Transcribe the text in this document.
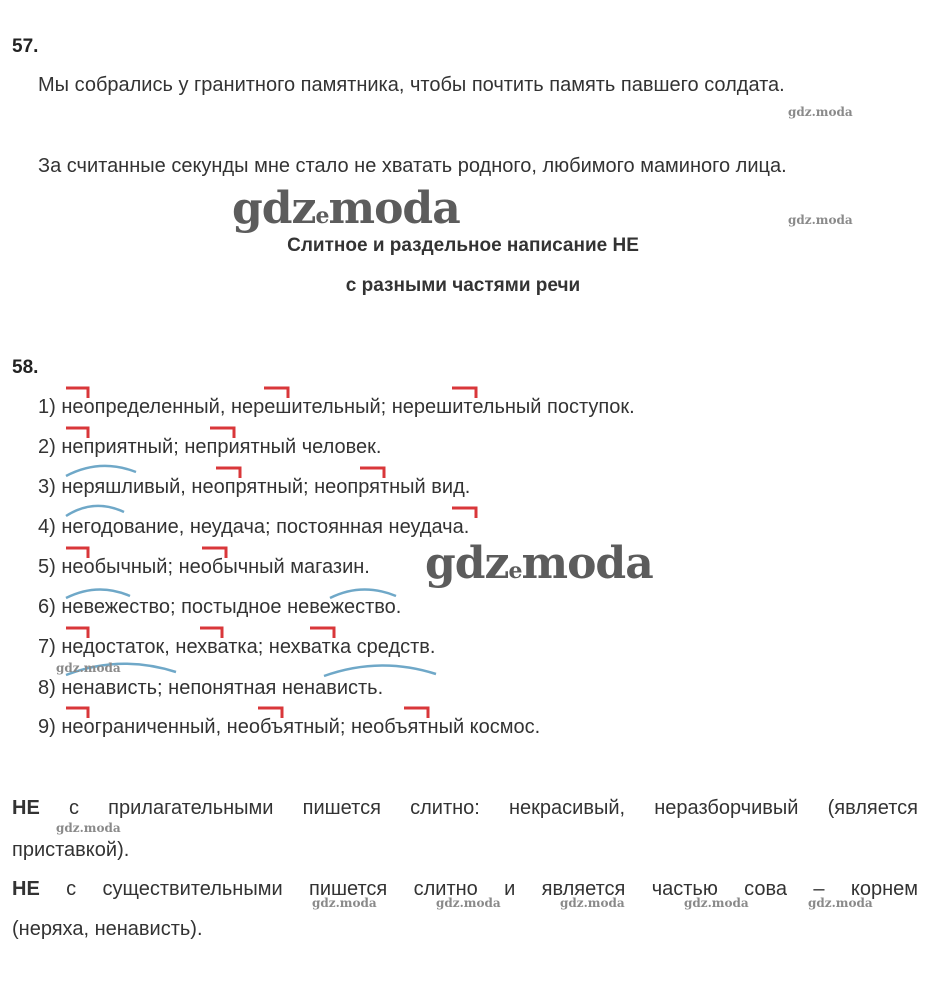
57.
Мы собрались у гранитного памятника, чтобы почтить память павшего солдата.
За считанные секунды мне стало не хватать родного, любимого маминого лица.
Слитное и раздельное написание НЕ
с разными частями речи
58.
1) неопределенный, нерешительный; нерешительный поступок.
2) неприятный; неприятный человек.
3) неряшливый, неопрятный; неопрятный вид.
4) негодование, неудача; постоянная неудача.
5) необычный; необычный магазин.
6) невежество; постыдное невежество.
7) недостаток, нехватка; нехватка средств.
8) ненависть; непонятная ненависть.
9) неограниченный, необъятный; необъятный космос.
НЕ с прилагательными пишется слитно: некрасивый, неразборчивый (является
приставкой).
НЕ с существительными пишется слитно и является частью сова – корнем
(неряха, ненависть).
gdzemoda
gdzemoda
gdz.moda
gdz.moda
gdz.moda
gdz.moda
gdz.moda	gdz.moda	gdz.moda	gdz.moda	gdz.moda
